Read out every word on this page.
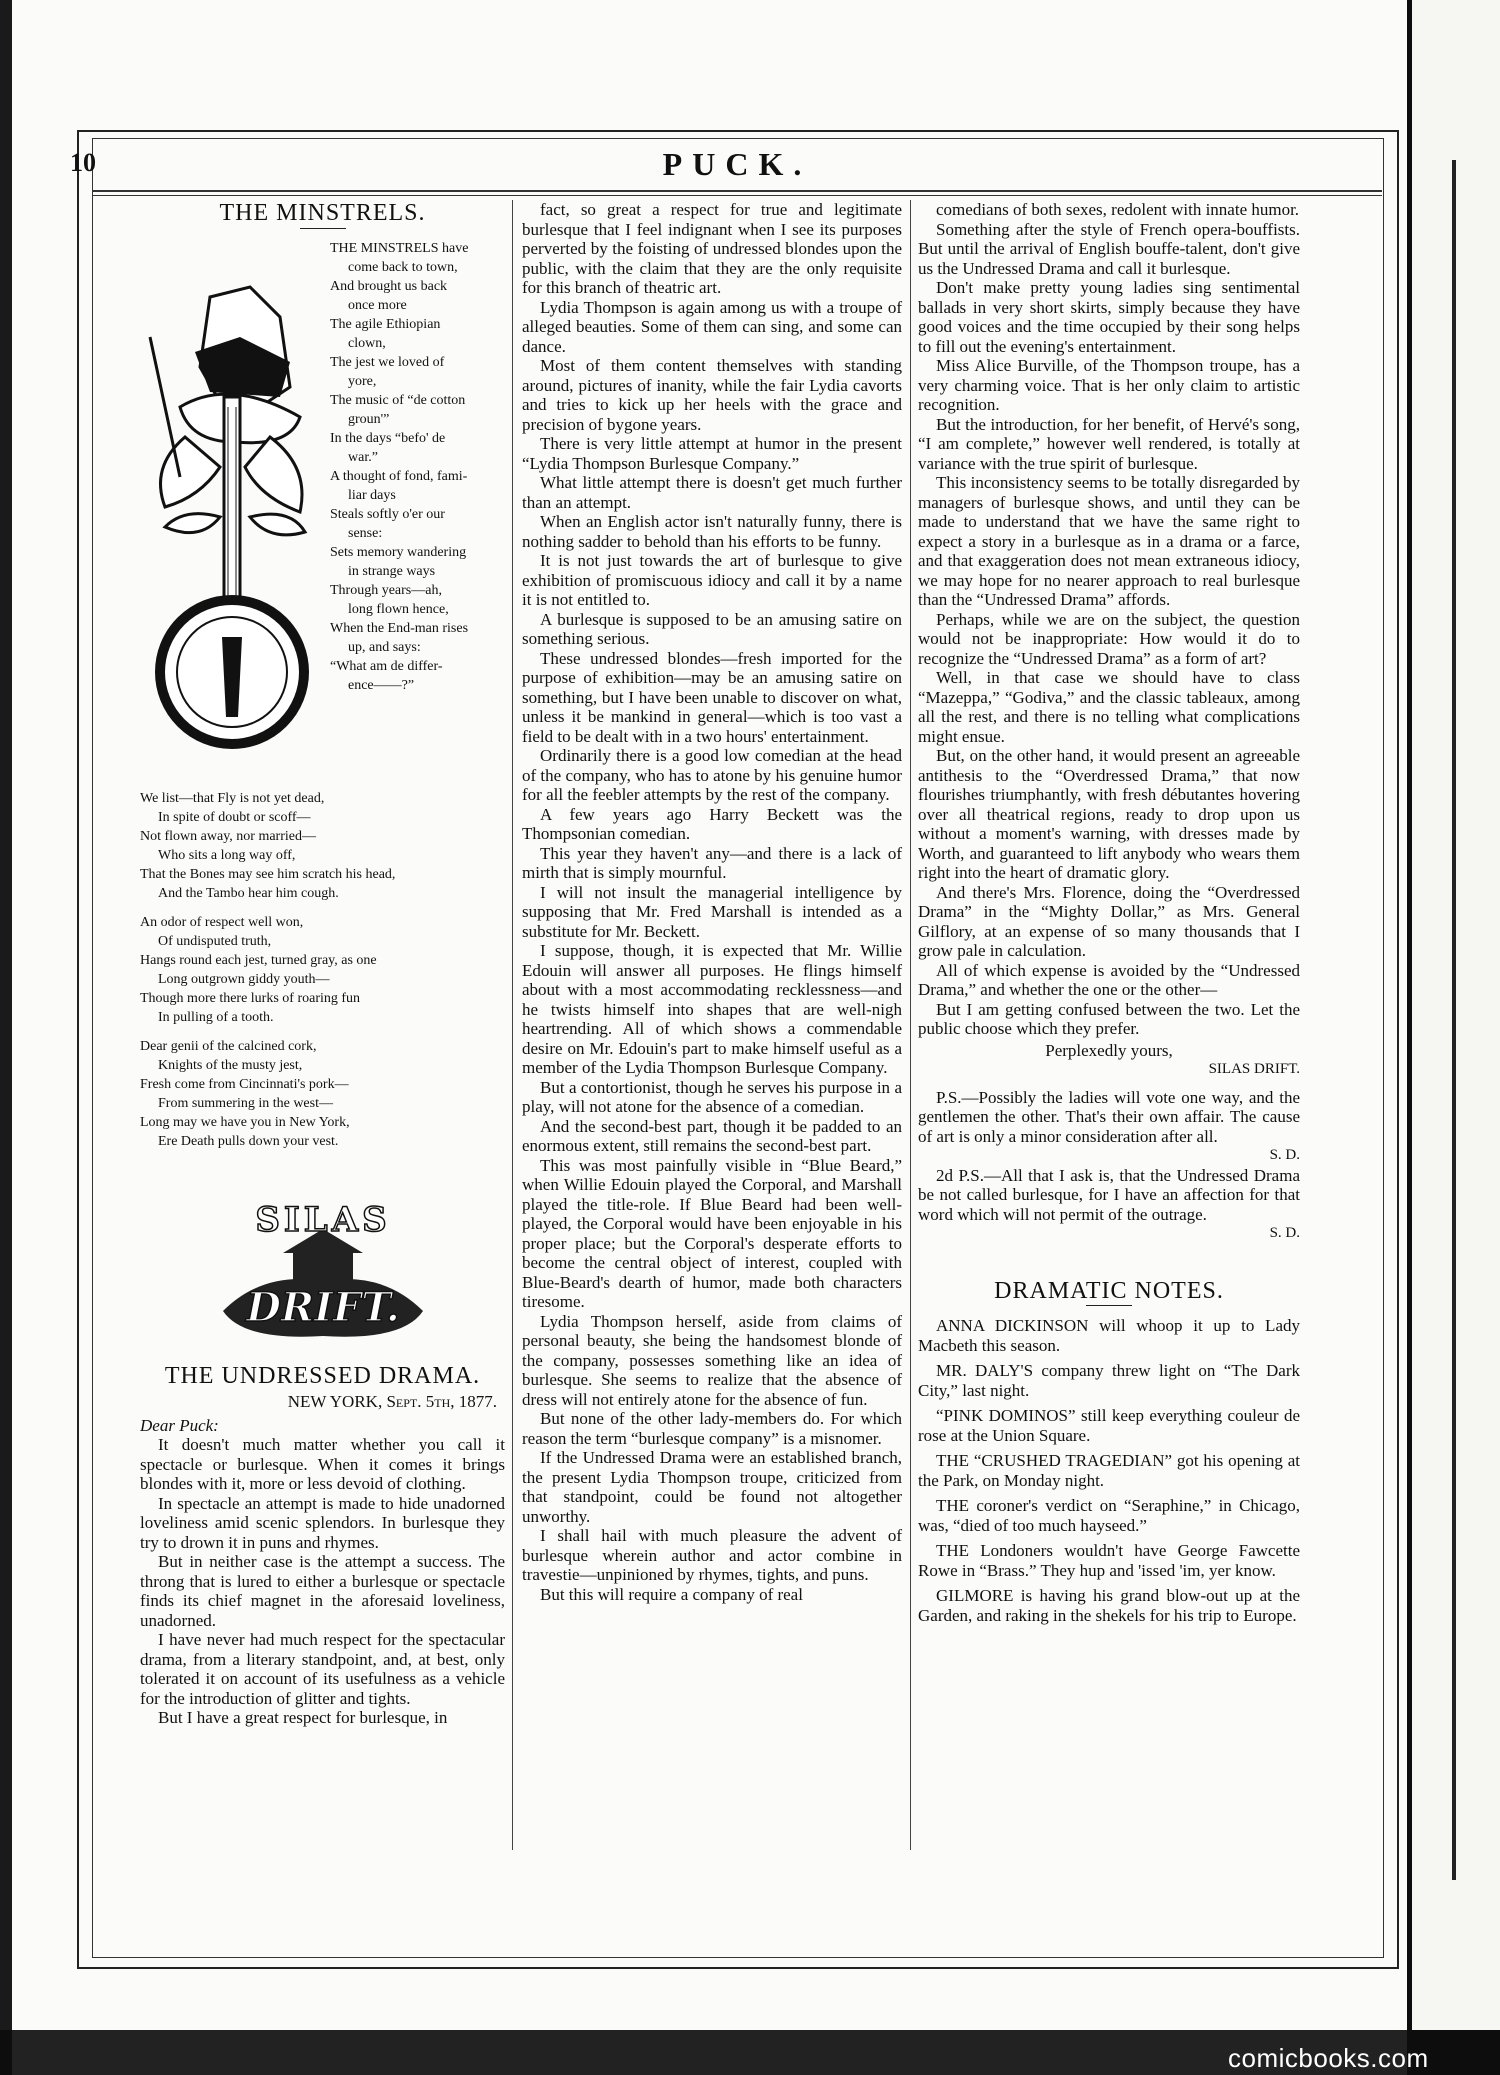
PUCK.
10
THE MINSTRELS.
THE MINSTRELS have
come back to town,
And brought us back
once more
The agile Ethiopian
clown,
The jest we loved of
yore,
The music of “de cotton
groun'”
In the days “befo' de
war.”
A thought of fond, fami-
liar days
Steals softly o'er our
sense:
Sets memory wandering
in strange ways
Through years—ah,
long flown hence,
When the End-man rises
up, and says:
“What am de differ-
ence——?”
We list—that Fly is not yet dead,
In spite of doubt or scoff—
Not flown away, nor married—
Who sits a long way off,
That the Bones may see him scratch his head,
And the Tambo hear him cough.
An odor of respect well won,
Of undisputed truth,
Hangs round each jest, turned gray, as one
Long outgrown giddy youth—
Though more there lurks of roaring fun
In pulling of a tooth.
Dear genii of the calcined cork,
Knights of the musty jest,
Fresh come from Cincinnati's pork—
From summering in the west—
Long may we have you in New York,
Ere Death pulls down your vest.
SILAS
DRIFT.
THE UNDRESSED DRAMA.
NEW YORK, Sept. 5th, 1877.
Dear Puck:

It doesn't much matter whether you call it spectacle or burlesque. When it comes it brings blondes with it, more or less devoid of clothing.

In spectacle an attempt is made to hide unadorned loveliness amid scenic splendors. In burlesque they try to drown it in puns and rhymes.

But in neither case is the attempt a success. The throng that is lured to either a burlesque or spectacle finds its chief magnet in the aforesaid loveliness, unadorned.

I have never had much respect for the spectacular drama, from a literary standpoint, and, at best, only tolerated it on account of its usefulness as a vehicle for the introduction of glitter and tights.

But I have a great respect for burlesque, in

fact, so great a respect for true and legitimate burlesque that I feel indignant when I see its purposes perverted by the foisting of undressed blondes upon the public, with the claim that they are the only requisite for this branch of theatric art.

Lydia Thompson is again among us with a troupe of alleged beauties. Some of them can sing, and some can dance.

Most of them content themselves with standing around, pictures of inanity, while the fair Lydia cavorts and tries to kick up her heels with the grace and precision of bygone years.

There is very little attempt at humor in the present “Lydia Thompson Burlesque Company.”

What little attempt there is doesn't get much further than an attempt.

When an English actor isn't naturally funny, there is nothing sadder to behold than his efforts to be funny.

It is not just towards the art of burlesque to give exhibition of promiscuous idiocy and call it by a name it is not entitled to.

A burlesque is supposed to be an amusing satire on something serious.

These undressed blondes—fresh imported for the purpose of exhibition—may be an amusing satire on something, but I have been unable to discover on what, unless it be mankind in general—which is too vast a field to be dealt with in a two hours' entertainment.

Ordinarily there is a good low comedian at the head of the company, who has to atone by his genuine humor for all the feebler attempts by the rest of the company.

A few years ago Harry Beckett was the Thompsonian comedian.

This year they haven't any—and there is a lack of mirth that is simply mournful.

I will not insult the managerial intelligence by supposing that Mr. Fred Marshall is intended as a substitute for Mr. Beckett.

I suppose, though, it is expected that Mr. Willie Edouin will answer all purposes. He flings himself about with a most accommodating recklessness—and he twists himself into shapes that are well-nigh heartrending. All of which shows a commendable desire on Mr. Edouin's part to make himself useful as a member of the Lydia Thompson Burlesque Company.

But a contortionist, though he serves his purpose in a play, will not atone for the absence of a comedian.

And the second-best part, though it be padded to an enormous extent, still remains the second-best part.

This was most painfully visible in “Blue Beard,” when Willie Edouin played the Corporal, and Marshall played the title-role. If Blue Beard had been well-played, the Corporal would have been enjoyable in his proper place; but the Corporal's desperate efforts to become the central object of interest, coupled with Blue-Beard's dearth of humor, made both characters tiresome.

Lydia Thompson herself, aside from claims of personal beauty, she being the handsomest blonde of the company, possesses something like an idea of burlesque. She seems to realize that the absence of dress will not entirely atone for the absence of fun.

But none of the other lady-members do. For which reason the term “burlesque company” is a misnomer.

If the Undressed Drama were an established branch, the present Lydia Thompson troupe, criticized from that standpoint, could be found not altogether unworthy.

I shall hail with much pleasure the advent of burlesque wherein author and actor combine in travestie—unpinioned by rhymes, tights, and puns.

But this will require a company of real

comedians of both sexes, redolent with innate humor.

Something after the style of French opera-bouffists. But until the arrival of English bouffe-talent, don't give us the Undressed Drama and call it burlesque.

Don't make pretty young ladies sing sentimental ballads in very short skirts, simply because they have good voices and the time occupied by their song helps to fill out the evening's entertainment.

Miss Alice Burville, of the Thompson troupe, has a very charming voice. That is her only claim to artistic recognition.

But the introduction, for her benefit, of Hervé's song, “I am complete,” however well rendered, is totally at variance with the true spirit of burlesque.

This inconsistency seems to be totally disregarded by managers of burlesque shows, and until they can be made to understand that we have the same right to expect a story in a burlesque as in a drama or a farce, and that exaggeration does not mean extraneous idiocy, we may hope for no nearer approach to real burlesque than the “Undressed Drama” affords.

Perhaps, while we are on the subject, the question would not be inappropriate: How would it do to recognize the “Undressed Drama” as a form of art?

Well, in that case we should have to class “Mazeppa,” “Godiva,” and the classic tableaux, among all the rest, and there is no telling what complications might ensue.

But, on the other hand, it would present an agreeable antithesis to the “Overdressed Drama,” that now flourishes triumphantly, with fresh débutantes hovering over all theatrical regions, ready to drop upon us without a moment's warning, with dresses made by Worth, and guaranteed to lift anybody who wears them right into the heart of dramatic glory.

And there's Mrs. Florence, doing the “Overdressed Drama” in the “Mighty Dollar,” as Mrs. General Gilflory, at an expense of so many thousands that I grow pale in calculation.

All of which expense is avoided by the “Undressed Drama,” and whether the one or the other—

But I am getting confused between the two. Let the public choose which they prefer.

Perplexedly yours,

SILAS DRIFT.

P.S.—Possibly the ladies will vote one way, and the gentlemen the other. That's their own affair. The cause of art is only a minor consideration after all.

S. D.

2d P.S.—All that I ask is, that the Undressed Drama be not called burlesque, for I have an affection for that word which will not permit of the outrage.

S. D.
DRAMATIC NOTES.

ANNA DICKINSON will whoop it up to Lady Macbeth this season.

MR. DALY'S company threw light on “The Dark City,” last night.

“PINK DOMINOS” still keep everything couleur de rose at the Union Square.

THE “CRUSHED TRAGEDIAN” got his opening at the Park, on Monday night.

THE coroner's verdict on “Seraphine,” in Chicago, was, “died of too much hayseed.”

THE Londoners wouldn't have George Fawcette Rowe in “Brass.” They hup and 'issed 'im, yer know.

GILMORE is having his grand blow-out up at the Garden, and raking in the shekels for his trip to Europe.

comicbooks.com
